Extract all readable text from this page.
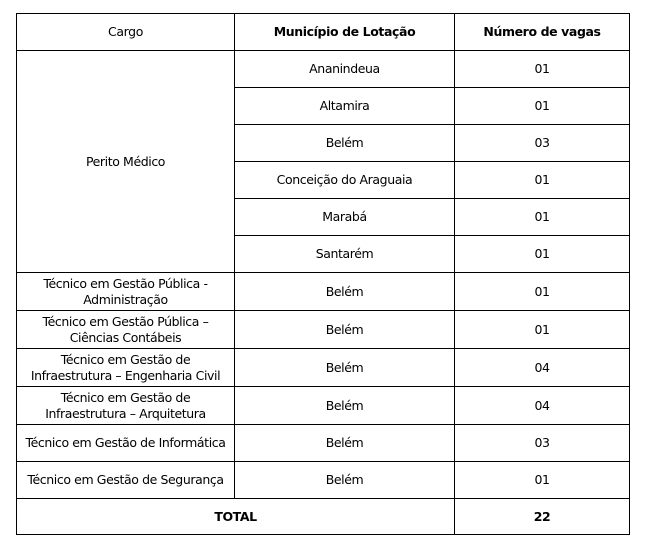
Cargo	Município de Lotação	Número de vagas
Perito Médico	Ananindeua	01
	Altamira	01
	Belém	03
	Conceição do Araguaia	01
	Marabá	01
	Santarém	01
Técnico em Gestão Pública - Administração	Belém	01
Técnico em Gestão Pública – Ciências Contábeis	Belém	01
Técnico em Gestão de Infraestrutura – Engenharia Civil	Belém	04
Técnico em Gestão de Infraestrutura – Arquitetura	Belém	04
Técnico em Gestão de Informática	Belém	03
Técnico em Gestão de Segurança	Belém	01
TOTAL		22
